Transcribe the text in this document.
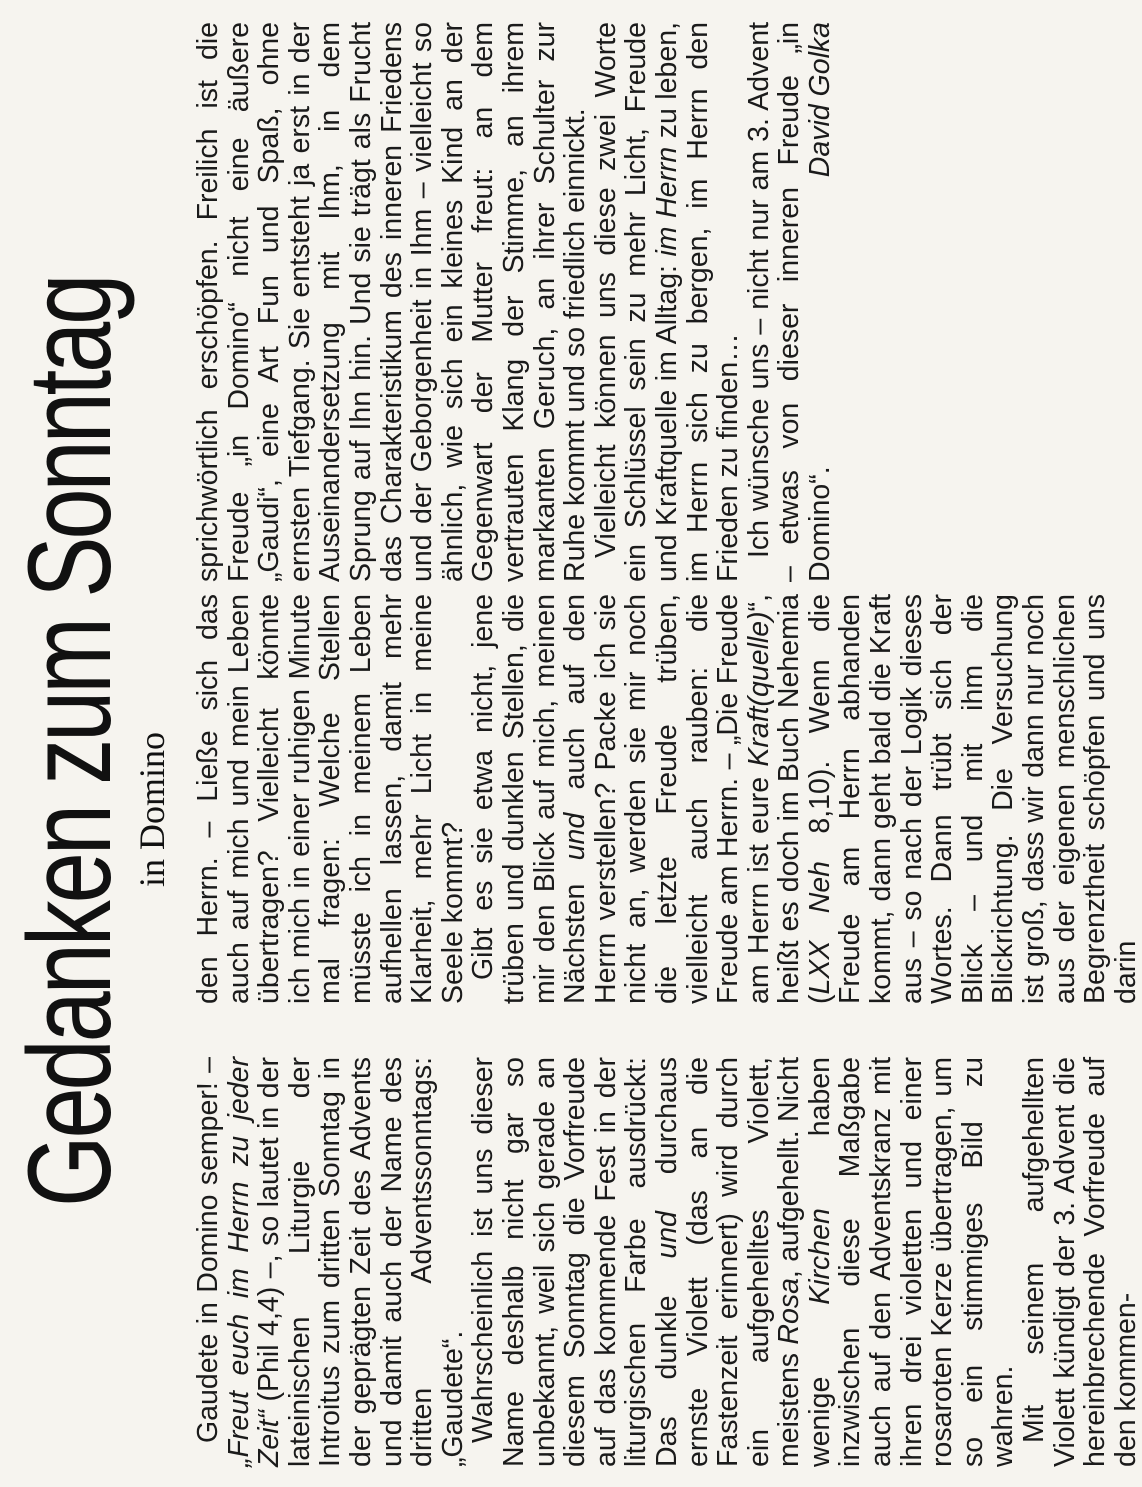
Gedanken zum Sonntag
in Domino

Gaudete in Domino semper! – „Freut euch im Herrn zu jeder Zeit“ (Phil 4,4) –, so lautet in der lateinischen Liturgie der Introitus zum dritten Sonntag in der geprägten Zeit des Advents und damit auch der Name des dritten Adventssonntags: „Gaudete“.

Wahrscheinlich ist uns dieser Name deshalb nicht gar so unbekannt, weil sich gerade an diesem Sonntag die Vorfreude auf das kommende Fest in der liturgischen Farbe ausdrückt: Das dunkle und durchaus ernste Violett (das an die Fastenzeit erinnert) wird durch ein aufgehelltes Violett, meistens Rosa, aufgehellt. Nicht wenige Kirchen haben inzwischen diese Maßgabe auch auf den Adventskranz mit ihren drei violetten und einer rosaroten Kerze übertragen, um so ein stimmiges Bild zu wahren.

Mit seinem aufgehellten Violett kündigt der 3. Advent die hereinbrechende Vorfreude auf den kommen-

den Herrn. – Ließe sich das auch auf mich und mein Leben übertragen? Vielleicht könnte ich mich in einer ruhigen Minute mal fragen: Welche Stellen müsste ich in meinem Leben aufhellen lassen, damit mehr Klarheit, mehr Licht in meine Seele kommt?

Gibt es sie etwa nicht, jene trüben und dunklen Stellen, die mir den Blick auf mich, meinen Nächsten und auch auf den Herrn verstellen? Packe ich sie nicht an, werden sie mir noch die letzte Freude trüben, vielleicht auch rauben: die Freude am Herrn. – „Die Freude am Herrn ist eure Kraft(quelle)“, heißt es doch im Buch Nehemia (LXX Neh 8,10). Wenn die Freude am Herrn abhanden kommt, dann geht bald die Kraft aus – so nach der Logik dieses Wortes. Dann trübt sich der Blick – und mit ihm die Blickrichtung. Die Versuchung ist groß, dass wir dann nur noch aus der eigenen menschlichen Begrenztheit schöpfen und uns darin

sprichwörtlich erschöpfen. Freilich ist die Freude „in Domino“ nicht eine äußere „Gaudi“, eine Art Fun und Spaß, ohne ernsten Tiefgang. Sie entsteht ja erst in der Auseinandersetzung mit Ihm, in dem Sprung auf Ihn hin. Und sie trägt als Frucht das Charakteristikum des inneren Friedens und der Geborgenheit in Ihm – vielleicht so ähnlich, wie sich ein kleines Kind an der Gegenwart der Mutter freut: an dem vertrauten Klang der Stimme, an ihrem markanten Geruch, an ihrer Schulter zur Ruhe kommt und so friedlich einnickt.

Vielleicht können uns diese zwei Worte ein Schlüssel sein zu mehr Licht, Freude und Kraftquelle im Alltag: im Herrn zu leben, im Herrn sich zu bergen, im Herrn den Frieden zu finden…

Ich wünsche uns – nicht nur am 3. Advent – etwas von dieser inneren Freude „in Domino“.
David Golka
